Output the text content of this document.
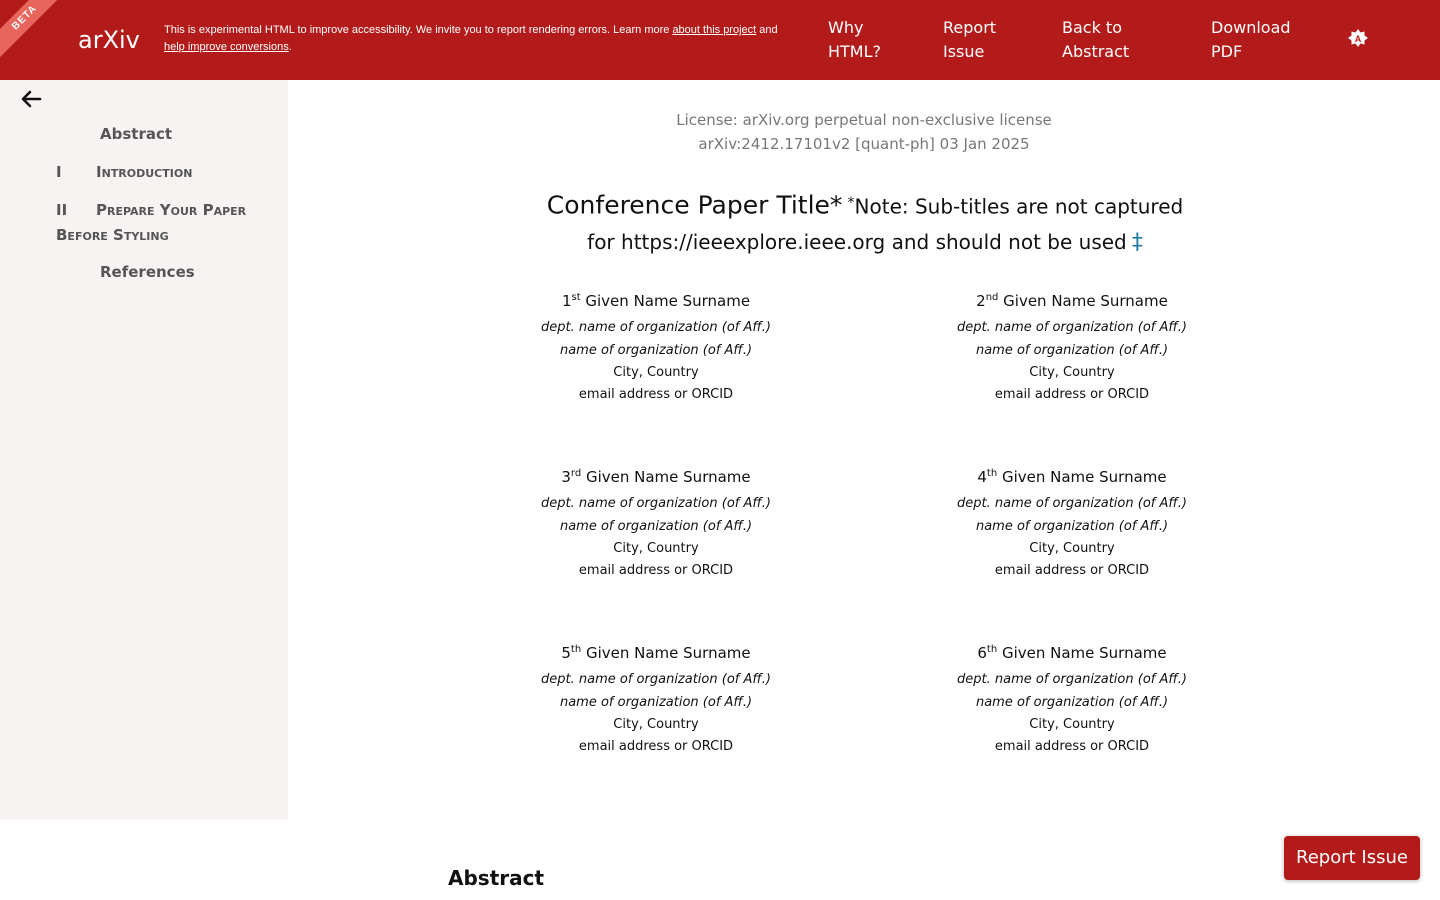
BETA
arXiv This is experimental HTML to improve accessibility. We invite you to report rendering errors. Learn more about this project and
help improve conversions.
Why
HTML?
Report
Issue
Back to
Abstract
Download
PDF
A
Abstract
I Introduction
II Prepare Your Paper
Before Styling
References
License: arXiv.org perpetual non-exclusive license
arXiv:2412.17101v2 [quant-ph] 03 Jan 2025
Conference Paper Title* *Note: Sub-titles are not captured
for https://ieeexplore.ieee.org and should not be used ‡
1st Given Name Surname
dept. name of organization (of Aff.)
name of organization (of Aff.)
City, Country
email address or ORCID
2nd Given Name Surname
dept. name of organization (of Aff.)
name of organization (of Aff.)
City, Country
email address or ORCID
3rd Given Name Surname
dept. name of organization (of Aff.)
name of organization (of Aff.)
City, Country
email address or ORCID
4th Given Name Surname
dept. name of organization (of Aff.)
name of organization (of Aff.)
City, Country
email address or ORCID
5th Given Name Surname
dept. name of organization (of Aff.)
name of organization (of Aff.)
City, Country
email address or ORCID
6th Given Name Surname
dept. name of organization (of Aff.)
name of organization (of Aff.)
City, Country
email address or ORCID
Abstract
Report Issue
